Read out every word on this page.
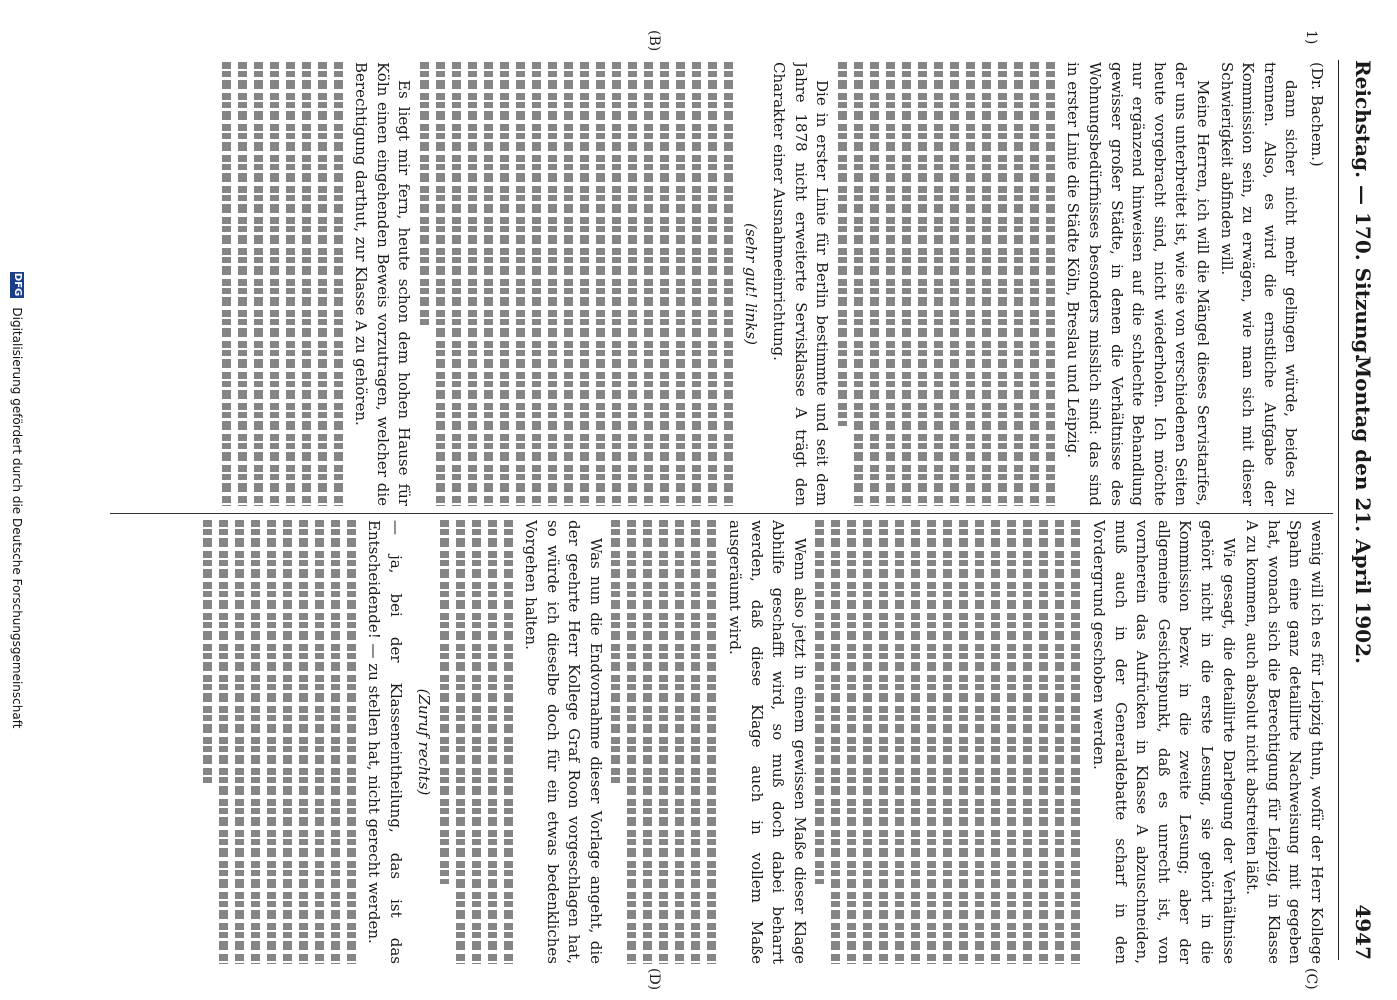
Reichstag. — 170. Sitzung.
Montag den 21. April 1902.
4947
1)
(B)
(C)
(D)
(Dr. Bachem.)

dann sicher nicht mehr gelingen würde, beides zu trennen. Also, es wird die ernstliche Aufgabe der Kommission sein, zu erwägen, wie man sich mit dieser Schwierigkeit abfinden will.

Meine Herren, ich will die Mängel dieses Servistarifes, der uns unterbreitet ist, wie sie von verschiedenen Seiten heute vorgebracht sind, nicht wiederholen. Ich möchte nur ergänzend hinweisen auf die schlechte Behandlung gewisser großer Städte, in denen die Verhältnisse des Wohnungsbedürfnisses besonders misslich sind: das sind in erster Linie die Städte Köln, Breslau und Leipzig.

Die in erster Linie für Berlin bestimmte und seit dem Jahre 1878 nicht erweiterte Servisklasse A trägt den Charakter einer Ausnahmeeinrichtung.

(sehr gut! links)

Es liegt mir fern, heute schon dem hohen Hause für Köln einen eingehenden Beweis vorzutragen, welcher die Berechtigung darthut, zur Klasse A zu gehören.

wenig will ich es für Leipzig thun, wofür der Herr Kollege Spahn eine ganz detaillirte Nachweisung mit gegeben hat, wonach sich die Berechtigung für Leipzig, in Klasse A zu kommen, auch absolut nicht abstreiten läßt.

Wie gesagt, die detaillirte Darlegung der Verhältnisse gehört nicht in die erste Lesung, sie gehört in die Kommission bezw. in die zweite Lesung; aber der allgemeine Gesichtspunkt, daß es unrecht ist, von vornherein das Aufrücken in Klasse A abzuschneiden, muß auch in der Generaldebatte scharf in den Vordergrund geschoben werden.

Wenn also jetzt in einem gewissen Maße dieser Klage Abhilfe geschafft wird, so muß doch dabei beharrt werden, daß diese Klage auch in vollem Maße ausgeräumt wird.

Was nun die Endvornahme dieser Vorlage angeht, die der geehrte Herr Kollege Graf Roon vorgeschlagen hat, so würde ich dieselbe doch für ein etwas bedenkliches Vorgehen halten.

(Zuruf rechts)

— ja, bei der Klasseneintheilung, das ist das Entscheidende! — zu stellen hat, nicht gerecht werden.

DFG Digitalisierung gefördert durch die Deutsche Forschungsgemeinschaft
